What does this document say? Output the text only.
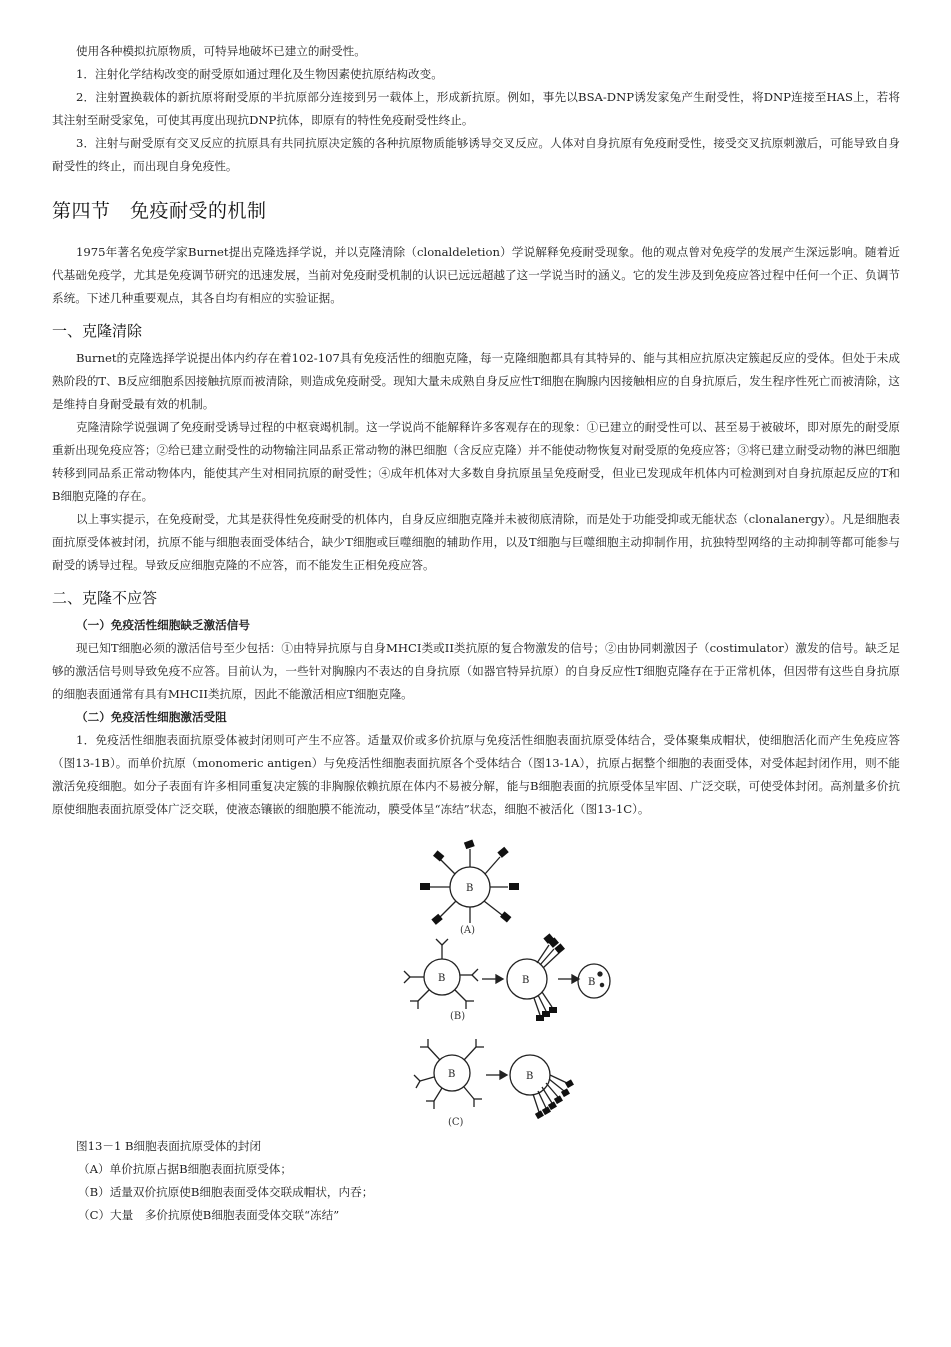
使用各种模拟抗原物质，可特异地破坏已建立的耐受性。

1．注射化学结构改变的耐受原如通过理化及生物因素使抗原结构改变。

2．注射置换载体的新抗原将耐受原的半抗原部分连接到另一载体上，形成新抗原。例如，事先以BSA-DNP诱发家兔产生耐受性，将DNP连接至HAS上，若将其注射至耐受家兔，可使其再度出现抗DNP抗体，即原有的特性免疫耐受性终止。

3．注射与耐受原有交叉反应的抗原具有共同抗原决定簇的各种抗原物质能够诱导交叉反应。人体对自身抗原有免疫耐受性，接受交叉抗原刺激后，可能导致自身耐受性的终止，而出现自身免疫性。

第四节　免疫耐受的机制

1975年著名免疫学家Burnet提出克隆选择学说，并以克隆清除（clonaldeletion）学说解释免疫耐受现象。他的观点曾对免疫学的发展产生深远影响。随着近代基础免疫学，尤其是免疫调节研究的迅速发展，当前对免疫耐受机制的认识已远远超越了这一学说当时的涵义。它的发生涉及到免疫应答过程中任何一个正、负调节系统。下述几种重要观点，其各自均有相应的实验证据。

一、克隆清除

Burnet的克隆选择学说提出体内约存在着102-107具有免疫活性的细胞克隆，每一克隆细胞都具有其特异的、能与其相应抗原决定簇起反应的受体。但处于未成熟阶段的T、B反应细胞系因接触抗原而被清除，则造成免疫耐受。现知大量未成熟自身反应性T细胞在胸腺内因接触相应的自身抗原后，发生程序性死亡而被清除，这是维持自身耐受最有效的机制。

克隆清除学说强调了免疫耐受诱导过程的中枢衰竭机制。这一学说尚不能解释许多客观存在的现象：①已建立的耐受性可以、甚至易于被破坏，即对原先的耐受原重新出现免疫应答；②给已建立耐受性的动物输注同品系正常动物的淋巴细胞（含反应克隆）并不能使动物恢复对耐受原的免疫应答；③将已建立耐受动物的淋巴细胞转移到同品系正常动物体内，能使其产生对相同抗原的耐受性；④成年机体对大多数自身抗原虽呈免疫耐受，但业已发现成年机体内可检测到对自身抗原起反应的T和B细胞克隆的存在。

以上事实提示，在免疫耐受，尤其是获得性免疫耐受的机体内，自身反应细胞克隆并未被彻底清除，而是处于功能受抑或无能状态（clonalanergy）。凡是细胞表面抗原受体被封闭，抗原不能与细胞表面受体结合，缺少T细胞或巨噬细胞的辅助作用，以及T细胞与巨噬细胞主动抑制作用，抗独特型网络的主动抑制等都可能参与耐受的诱导过程。导致反应细胞克隆的不应答，而不能发生正相免疫应答。

二、克隆不应答
（一）免疫活性细胞缺乏激活信号

现已知T细胞必须的激活信号至少包括：①由特异抗原与自身MHCI类或II类抗原的复合物激发的信号；②由协同刺激因子（costimulator）激发的信号。缺乏足够的激活信号则导致免疫不应答。目前认为，一些针对胸腺内不表达的自身抗原（如器官特异抗原）的自身反应性T细胞克隆存在于正常机体，但因带有这些自身抗原的细胞表面通常有具有MHCII类抗原，因此不能激活相应T细胞克隆。

（二）免疫活性细胞激活受阻

1．免疫活性细胞表面抗原受体被封闭则可产生不应答。适量双价或多价抗原与免疫活性细胞表面抗原受体结合，受体聚集成帽状，使细胞活化而产生免疫应答（图13-1B）。而单价抗原（monomeric antigen）与免疫活性细胞表面抗原各个受体结合（图13-1A），抗原占据整个细胞的表面受体，对受体起封闭作用，则不能激活免疫细胞。如分子表面有许多相同重复决定簇的非胸腺依赖抗原在体内不易被分解，能与B细胞表面的抗原受体呈牢固、广泛交联，可使受体封闭。高剂量多价抗原使细胞表面抗原受体广泛交联，使液态镶嵌的细胞膜不能流动，膜受体呈“冻结”状态，细胞不被活化（图13-1C）。

B
(A)
B	B	B
(B)
B	B
(C)
图13－1 B细胞表面抗原受体的封闭
（A）单价抗原占据B细胞表面抗原受体；
（B）适量双价抗原使B细胞表面受体交联成帽状，内吞；
（C）大量　多价抗原使B细胞表面受体交联“冻结”
